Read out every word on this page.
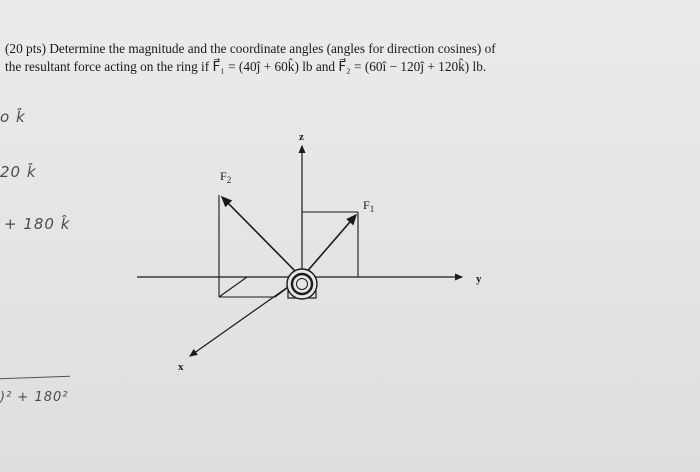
(20 pts) Determine the magnitude and the coordinate angles (angles for direction cosines) of
the resultant force acting on the ring if F⃗₁ = (40ĵ + 60k̂) lb and F⃗₂ = (60î − 120ĵ + 120k̂) lb.
o k̂
20 k̂
+ 180 k̂
)² + 180²
z
y
x
$F_2$
$F_1$
